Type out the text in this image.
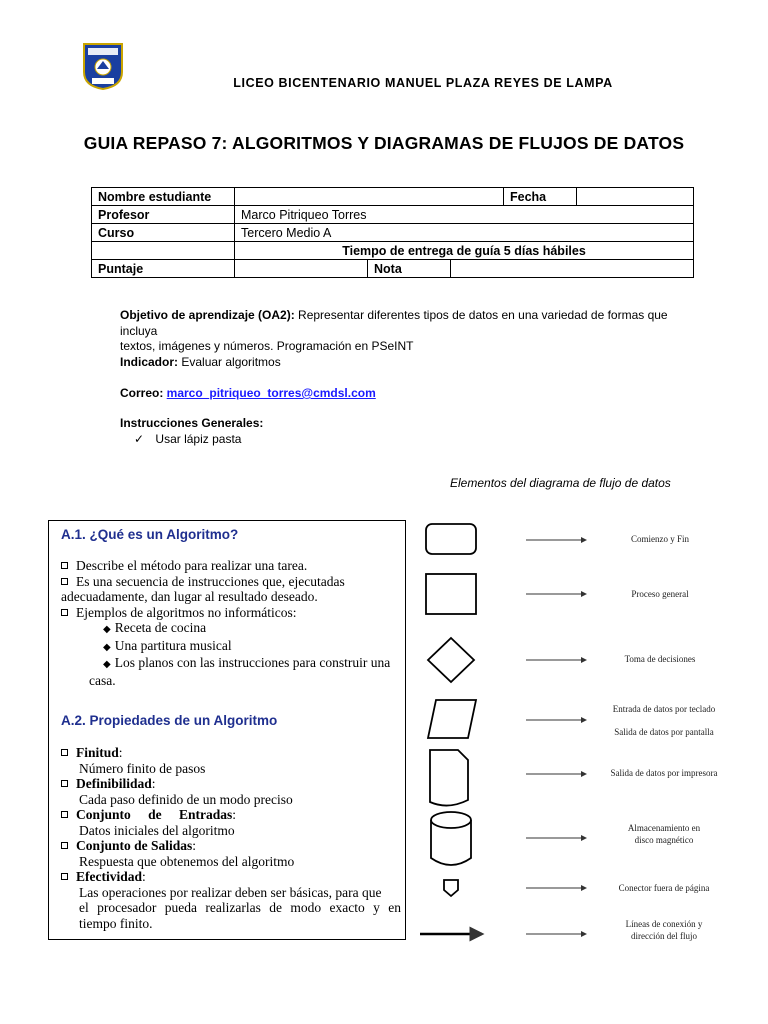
LICEO BICENTENARIO MANUEL PLAZA REYES DE LAMPA
GUIA REPASO 7: ALGORITMOS Y DIAGRAMAS DE FLUJOS DE DATOS
Nombre estudiante				Fecha	
Profesor	Marco Pitriqueo Torres				
Curso	Tercero Medio A				
	Tiempo de entrega de guía 5 días hábiles				
Puntaje		Nota			
Objetivo de aprendizaje (OA2): Representar diferentes tipos de datos en una variedad de formas que incluya
textos, imágenes y números. Programación en PSeINT
Indicador: Evaluar algoritmos
Correo: marco_pitriqueo_torres@cmdsl.com
Instrucciones Generales:
✓ Usar lápiz pasta
Elementos del diagrama de flujo de datos
A.1. ¿Qué es un Algoritmo?
Describe el método para realizar una tarea.
Es una secuencia de instrucciones que, ejecutadas
adecuadamente, dan lugar al resultado deseado.
Ejemplos de algoritmos no informáticos:
◆ Receta de cocina
◆ Una partitura musical
◆ Los planos con las instrucciones para construir una
casa.
A.2. Propiedades de un Algoritmo
Finitud:
Número finito de pasos
Definibilidad:
Cada paso definido de un modo preciso
Conjunto de Entradas:
Datos iniciales del algoritmo
Conjunto de Salidas:
Respuesta que obtenemos del algoritmo
Efectividad:
Las operaciones por realizar deben ser básicas, para que
el procesador pueda realizarlas de modo exacto y en
tiempo finito.
Comienzo y Fin
Proceso general
Toma de decisiones
Entrada de datos por teclado
Salida de datos por pantalla
Salida de datos por impresora
Almacenamiento en
disco magnético
Conector fuera de página
Líneas de conexión y
dirección del flujo
